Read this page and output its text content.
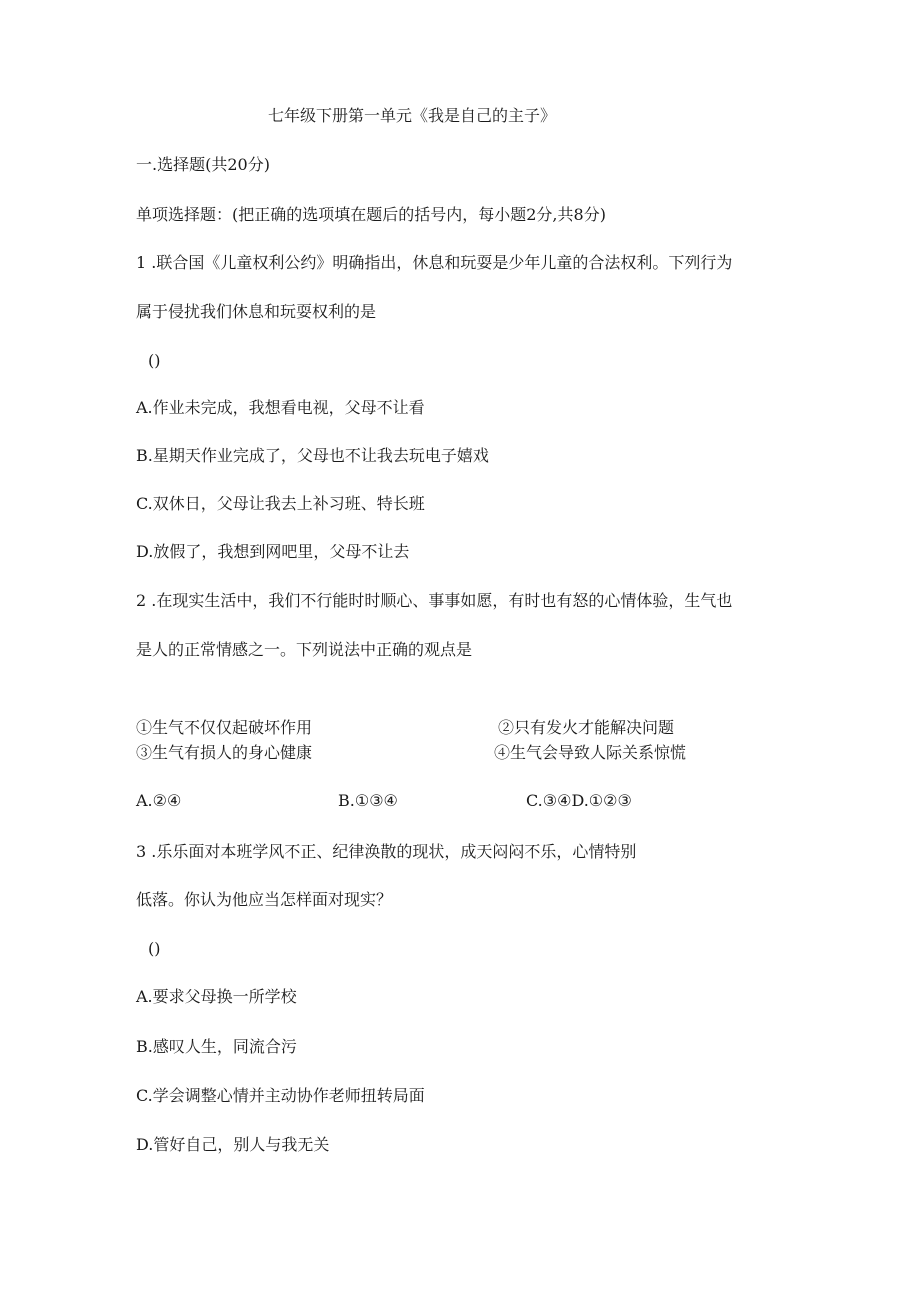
七年级下册第一单元《我是自己的主子》
一.选择题(共20分)
单项选择题：(把正确的选项填在题后的括号内，每小题2分,共8分)
1 .联合国《儿童权利公约》明确指出，休息和玩耍是少年儿童的合法权利。下列行为
属于侵扰我们休息和玩耍权利的是
()
A.作业未完成，我想看电视，父母不让看
B.星期天作业完成了，父母也不让我去玩电子嬉戏
C.双休日，父母让我去上补习班、特长班
D.放假了，我想到网吧里，父母不让去
2 .在现实生活中，我们不行能时时顺心、事事如愿，有时也有怒的心情体验，生气也
是人的正常情感之一。下列说法中正确的观点是
①生气不仅仅起破坏作用	②只有发火才能解决问题
③生气有损人的身心健康	④生气会导致人际关系惊慌
A.②④	B.①③④	C.③④D.①②③
3 .乐乐面对本班学风不正、纪律涣散的现状，成天闷闷不乐，心情特别
低落。你认为他应当怎样面对现实？
()
A.要求父母换一所学校
B.感叹人生，同流合污
C.学会调整心情并主动协作老师扭转局面
D.管好自己，别人与我无关
